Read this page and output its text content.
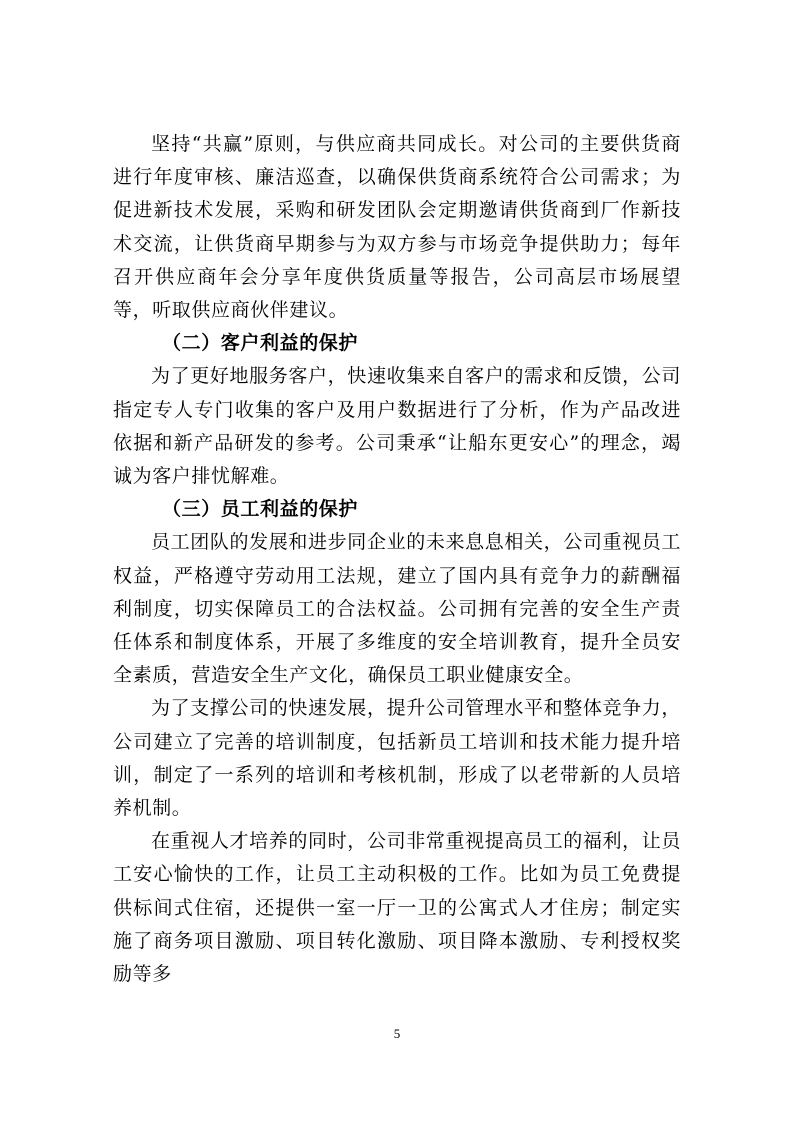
坚持“共赢”原则，与供应商共同成长。对公司的主要供货商进行年度审核、廉洁巡查，以确保供货商系统符合公司需求；为促进新技术发展，采购和研发团队会定期邀请供货商到厂作新技术交流，让供货商早期参与为双方参与市场竞争提供助力；每年召开供应商年会分享年度供货质量等报告，公司高层市场展望等，听取供应商伙伴建议。

（二）客户利益的保护

为了更好地服务客户，快速收集来自客户的需求和反馈，公司指定专人专门收集的客户及用户数据进行了分析，作为产品改进依据和新产品研发的参考。公司秉承“让船东更安心”的理念，竭诚为客户排忧解难。

（三）员工利益的保护

员工团队的发展和进步同企业的未来息息相关，公司重视员工权益，严格遵守劳动用工法规，建立了国内具有竞争力的薪酬福利制度，切实保障员工的合法权益。公司拥有完善的安全生产责任体系和制度体系，开展了多维度的安全培训教育，提升全员安全素质，营造安全生产文化，确保员工职业健康安全。

为了支撑公司的快速发展，提升公司管理水平和整体竞争力，公司建立了完善的培训制度，包括新员工培训和技术能力提升培训，制定了一系列的培训和考核机制，形成了以老带新的人员培养机制。

在重视人才培养的同时，公司非常重视提高员工的福利，让员工安心愉快的工作，让员工主动积极的工作。比如为员工免费提供标间式住宿，还提供一室一厅一卫的公寓式人才住房；制定实施了商务项目激励、项目转化激励、项目降本激励、专利授权奖励等多

5
